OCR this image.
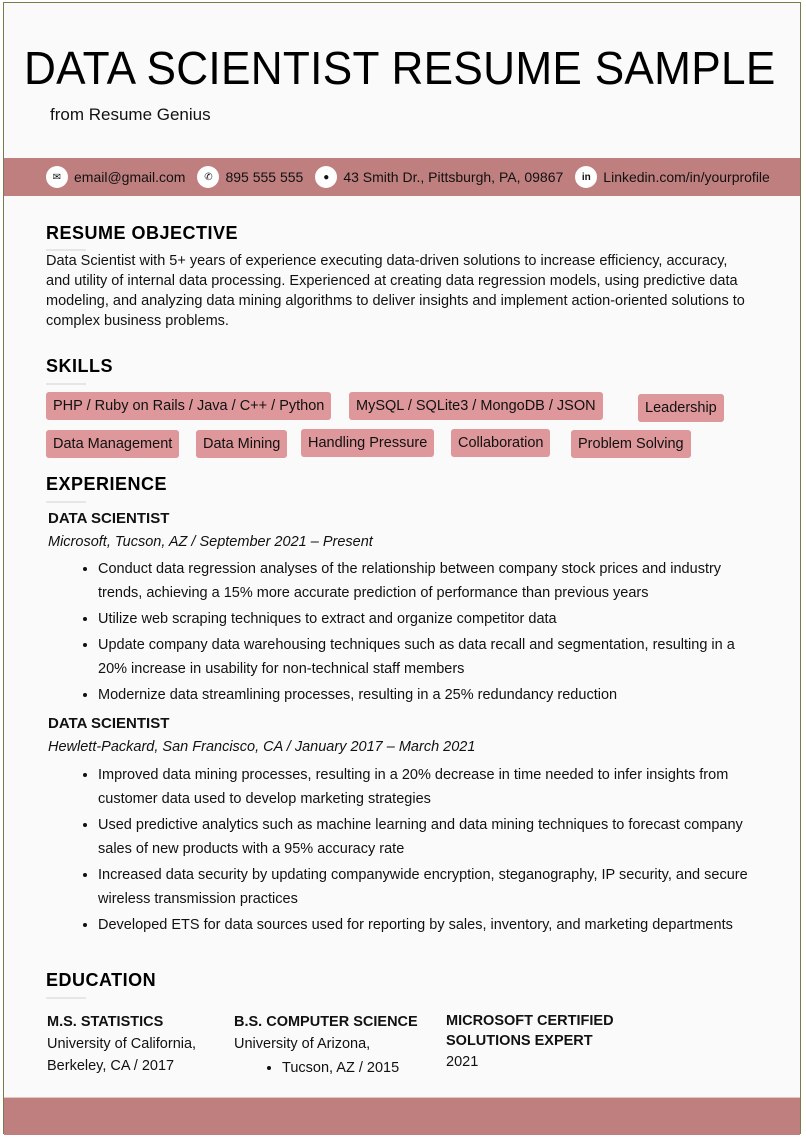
DATA SCIENTIST RESUME SAMPLE
from Resume Genius
✉ email@gmail.com	✆ 895 555 555	● 43 Smith Dr., Pittsburgh, PA, 09867	in Linkedin.com/in/yourprofile
RESUME OBJECTIVE
Data Scientist with 5+ years of experience executing data-driven solutions to increase efficiency, accuracy, and utility of internal data processing. Experienced at creating data regression models, using predictive data modeling, and analyzing data mining algorithms to deliver insights and implement action-oriented solutions to complex business problems.
SKILLS
PHP / Ruby on Rails / Java / C++ / Python	MySQL / SQLite3 / MongoDB / JSON	Leadership
Data Management	Data Mining	Handling Pressure	Collaboration	Problem Solving
EXPERIENCE
DATA SCIENTIST
Microsoft, Tucson, AZ / September 2021 – Present
• Conduct data regression analyses of the relationship between company stock prices and industry trends, achieving a 15% more accurate prediction of performance than previous years
• Utilize web scraping techniques to extract and organize competitor data
• Update company data warehousing techniques such as data recall and segmentation, resulting in a 20% increase in usability for non-technical staff members
• Modernize data streamlining processes, resulting in a 25% redundancy reduction
DATA SCIENTIST
Hewlett-Packard, San Francisco, CA / January 2017 – March 2021
• Improved data mining processes, resulting in a 20% decrease in time needed to infer insights from customer data used to develop marketing strategies
• Used predictive analytics such as machine learning and data mining techniques to forecast company sales of new products with a 95% accuracy rate
• Increased data security by updating companywide encryption, steganography, IP security, and secure wireless transmission practices
• Developed ETS for data sources used for reporting by sales, inventory, and marketing departments
EDUCATION
M.S. STATISTICS
University of California,
Berkeley, CA / 2017
B.S. COMPUTER SCIENCE
University of Arizona,
• Tucson, AZ / 2015
MICROSOFT CERTIFIED SOLUTIONS EXPERT
2021
